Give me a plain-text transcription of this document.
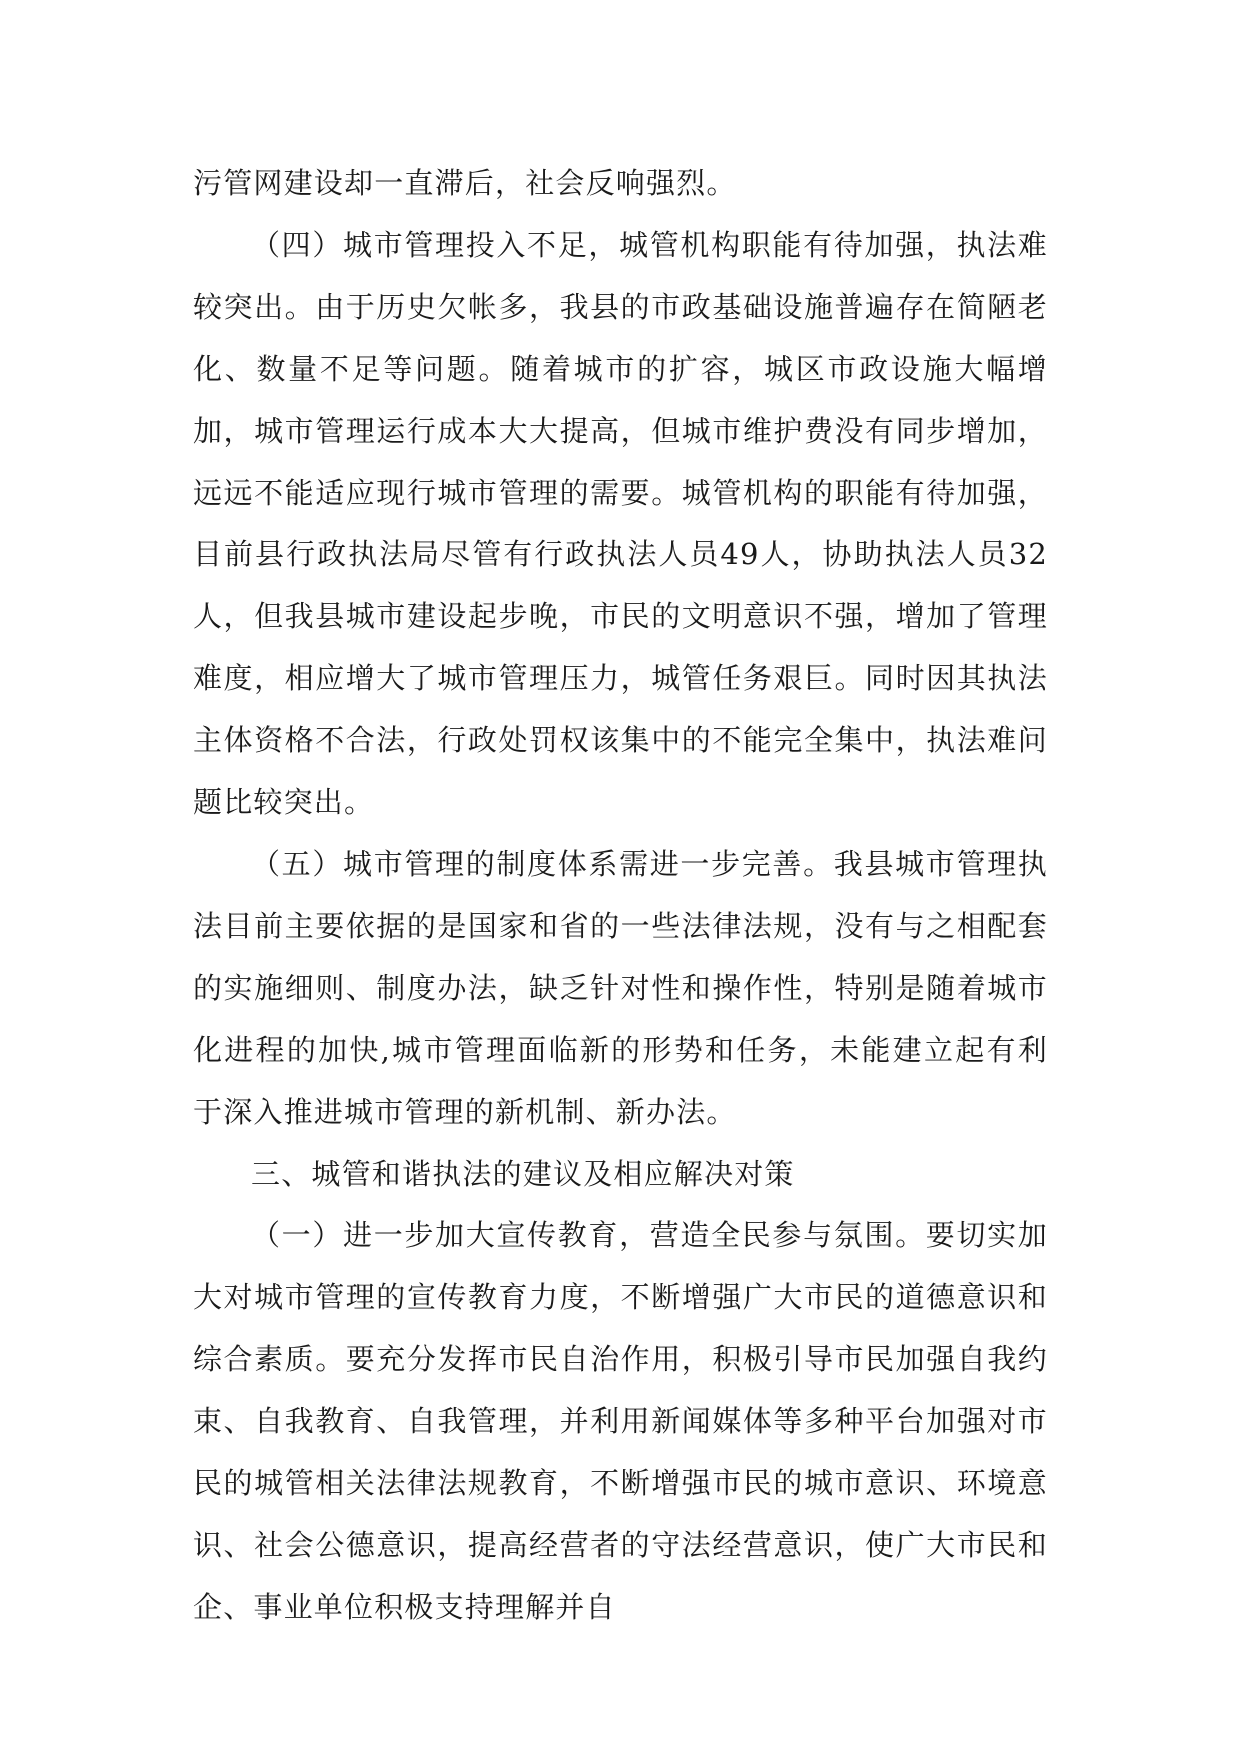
污管网建设却一直滞后，社会反响强烈。

（四）城市管理投入不足，城管机构职能有待加强，执法难较突出。由于历史欠帐多，我县的市政基础设施普遍存在简陋老化、数量不足等问题。随着城市的扩容，城区市政设施大幅增加，城市管理运行成本大大提高，但城市维护费没有同步增加，远远不能适应现行城市管理的需要。城管机构的职能有待加强，目前县行政执法局尽管有行政执法人员49人，协助执法人员32人，但我县城市建设起步晚，市民的文明意识不强，增加了管理难度，相应增大了城市管理压力，城管任务艰巨。同时因其执法主体资格不合法，行政处罚权该集中的不能完全集中，执法难问题比较突出。

（五）城市管理的制度体系需进一步完善。我县城市管理执法目前主要依据的是国家和省的一些法律法规，没有与之相配套的实施细则、制度办法，缺乏针对性和操作性，特别是随着城市化进程的加快,城市管理面临新的形势和任务，未能建立起有利于深入推进城市管理的新机制、新办法。

三、城管和谐执法的建议及相应解决对策

（一）进一步加大宣传教育，营造全民参与氛围。要切实加大对城市管理的宣传教育力度，不断增强广大市民的道德意识和综合素质。要充分发挥市民自治作用，积极引导市民加强自我约束、自我教育、自我管理，并利用新闻媒体等多种平台加强对市民的城管相关法律法规教育，不断增强市民的城市意识、环境意识、社会公德意识，提高经营者的守法经营意识，使广大市民和企、事业单位积极支持理解并自
